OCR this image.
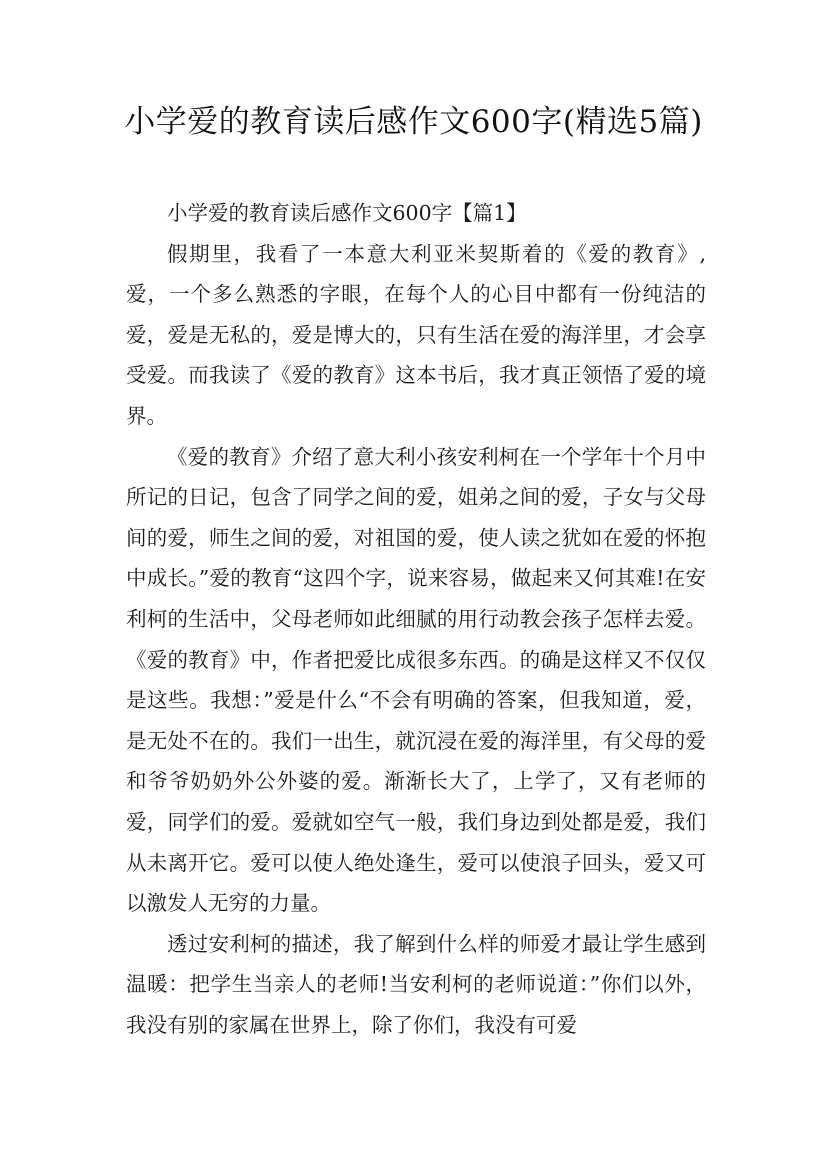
小学爱的教育读后感作文600字(精选5篇)

小学爱的教育读后感作文600字【篇1】

假期里，我看了一本意大利亚米契斯着的《爱的教育》,爱，一个多么熟悉的字眼，在每个人的心目中都有一份纯洁的爱，爱是无私的，爱是博大的，只有生活在爱的海洋里，才会享受爱。而我读了《爱的教育》这本书后，我才真正领悟了爱的境界。

《爱的教育》介绍了意大利小孩安利柯在一个学年十个月中所记的日记，包含了同学之间的爱，姐弟之间的爱，子女与父母间的爱，师生之间的爱，对祖国的爱，使人读之犹如在爱的怀抱中成长。”爱的教育“这四个字，说来容易，做起来又何其难!在安利柯的生活中，父母老师如此细腻的用行动教会孩子怎样去爱。《爱的教育》中，作者把爱比成很多东西。的确是这样又不仅仅是这些。我想：”爱是什么“不会有明确的答案，但我知道，爱，是无处不在的。我们一出生，就沉浸在爱的海洋里，有父母的爱和爷爷奶奶外公外婆的爱。渐渐长大了，上学了，又有老师的爱，同学们的爱。爱就如空气一般，我们身边到处都是爱，我们从未离开它。爱可以使人绝处逢生，爱可以使浪子回头，爱又可以激发人无穷的力量。

透过安利柯的描述，我了解到什么样的师爱才最让学生感到温暖：把学生当亲人的老师!当安利柯的老师说道：”你们以外，我没有别的家属在世界上，除了你们，我没有可爱
